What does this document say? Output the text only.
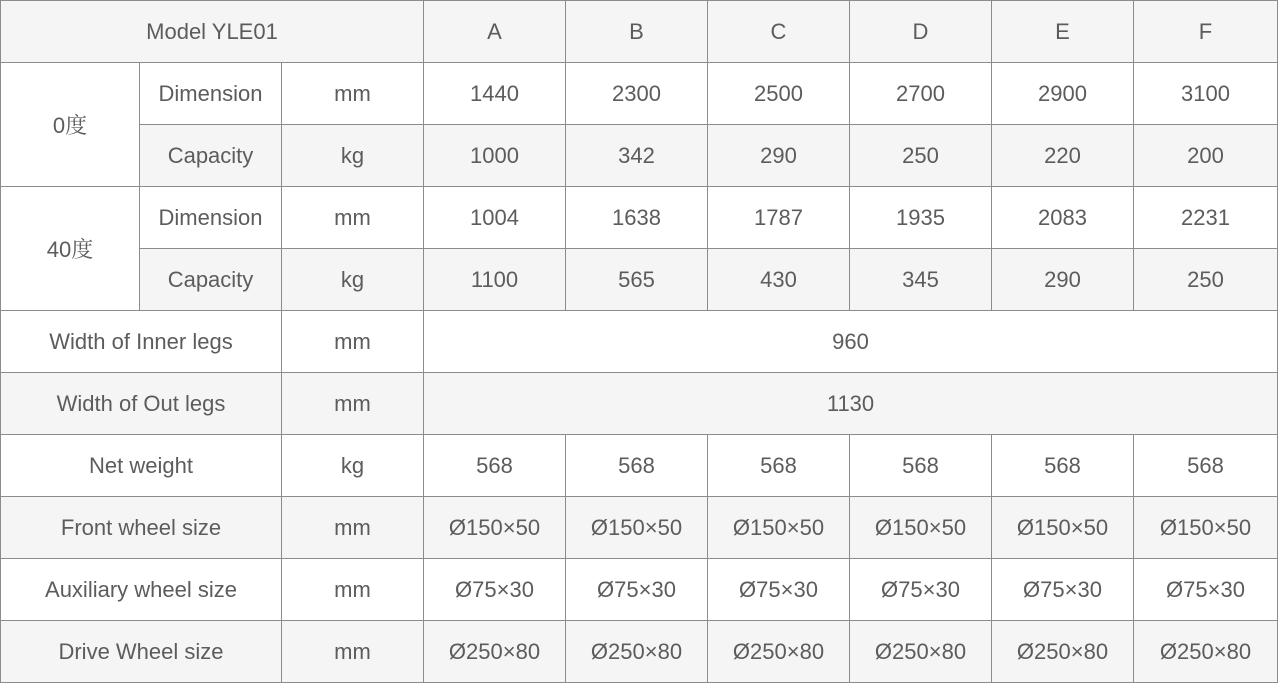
Model YLE01			A	B	C	D	E	F
0度	Dimension	mm	1440	2300	2500	2700	2900	3100
	Capacity	kg	1000	342	290	250	220	200
40度	Dimension	mm	1004	1638	1787	1935	2083	2231
	Capacity	kg	1100	565	430	345	290	250
Width of Inner legs		mm	960					
Width of Out legs		mm	1130					
Net weight		kg	568	568	568	568	568	568
Front wheel size		mm	Ø150×50	Ø150×50	Ø150×50	Ø150×50	Ø150×50	Ø150×50
Auxiliary wheel size		mm	Ø75×30	Ø75×30	Ø75×30	Ø75×30	Ø75×30	Ø75×30
Drive Wheel size		mm	Ø250×80	Ø250×80	Ø250×80	Ø250×80	Ø250×80	Ø250×80
